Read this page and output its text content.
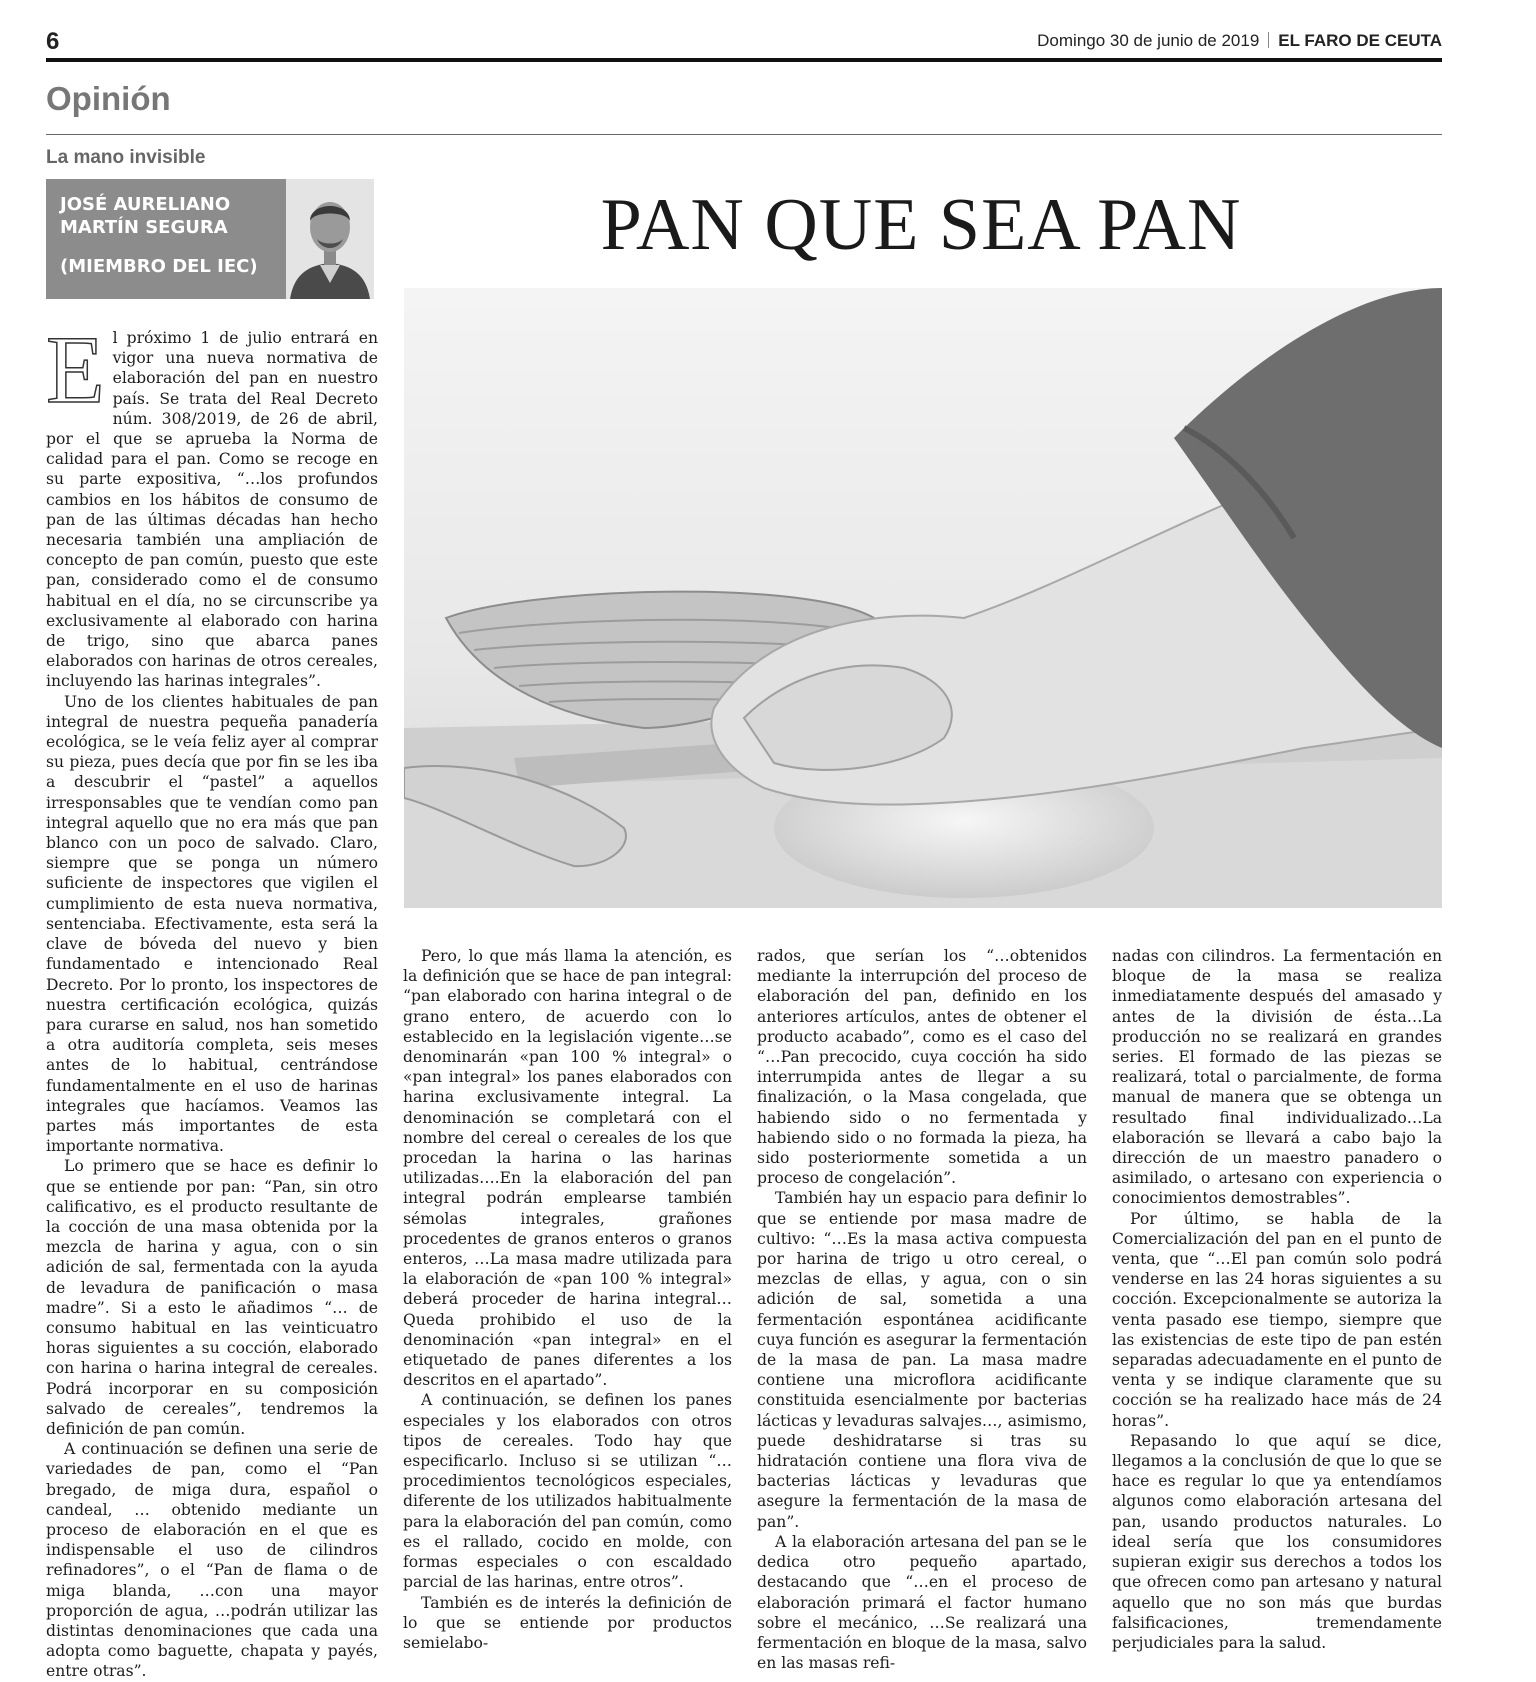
6	Domingo 30 de junio de 2019 EL FARO DE CEUTA
Opinión
La mano invisible
JOSÉ AURELIANO
MARTÍN SEGURA
(MIEMBRO DEL IEC)
PAN QUE SEA PAN
E l próximo 1 de julio entrará en vigor una nueva normativa de elaboración del pan en nuestro país. Se trata del Real Decreto núm. 308/2019, de 26 de abril, por el que se aprueba la Norma de calidad para el pan. Como se recoge en su parte expositiva, “…los profundos cambios en los hábitos de consumo de pan de las últimas décadas han hecho necesaria también una ampliación de concepto de pan común, puesto que este pan, considerado como el de consumo habitual en el día, no se circunscribe ya exclusivamente al elaborado con harina de trigo, sino que abarca panes elaborados con harinas de otros cereales, incluyendo las harinas integrales”.

Uno de los clientes habituales de pan integral de nuestra pequeña panadería ecológica, se le veía feliz ayer al comprar su pieza, pues decía que por fin se les iba a descubrir el “pastel” a aquellos irresponsables que te vendían como pan integral aquello que no era más que pan blanco con un poco de salvado. Claro, siempre que se ponga un número suficiente de inspectores que vigilen el cumplimiento de esta nueva normativa, sentenciaba. Efectivamente, esta será la clave de bóveda del nuevo y bien fundamentado e intencionado Real Decreto. Por lo pronto, los inspectores de nuestra certificación ecológica, quizás para curarse en salud, nos han sometido a otra auditoría completa, seis meses antes de lo habitual, centrándose fundamentalmente en el uso de harinas integrales que hacíamos. Veamos las partes más importantes de esta importante normativa.

Lo primero que se hace es definir lo que se entiende por pan: “Pan, sin otro calificativo, es el producto resultante de la cocción de una masa obtenida por la mezcla de harina y agua, con o sin adición de sal, fermentada con la ayuda de levadura de panificación o masa madre”. Si a esto le añadimos “… de consumo habitual en las veinticuatro horas siguientes a su cocción, elaborado con harina o harina integral de cereales. Podrá incorporar en su composición salvado de cereales”, tendremos la definición de pan común.

A continuación se definen una serie de variedades de pan, como el “Pan bregado, de miga dura, español o candeal, … obtenido mediante un proceso de elaboración en el que es indispensable el uso de cilindros refinadores”, o el “Pan de flama o de miga blanda, …con una mayor proporción de agua, …podrán utilizar las distintas denominaciones que cada una adopta como baguette, chapata y payés, entre otras”.

Pero, lo que más llama la atención, es la definición que se hace de pan integral: “pan elaborado con harina integral o de grano entero, de acuerdo con lo establecido en la legislación vigente…se denominarán «pan 100 % integral» o «pan integral» los panes elaborados con harina exclusivamente integral. La denominación se completará con el nombre del cereal o cereales de los que procedan la harina o las harinas utilizadas….En la elaboración del pan integral podrán emplearse también sémolas integrales, grañones procedentes de granos enteros o granos enteros, …La masa madre utilizada para la elaboración de «pan 100 % integral» deberá proceder de harina integral…Queda prohibido el uso de la denominación «pan integral» en el etiquetado de panes diferentes a los descritos en el apartado”.

A continuación, se definen los panes especiales y los elaborados con otros tipos de cereales. Todo hay que especificarlo. Incluso si se utilizan “…procedimientos tecnológicos especiales, diferente de los utilizados habitualmente para la elaboración del pan común, como es el rallado, cocido en molde, con formas especiales o con escaldado parcial de las harinas, entre otros”.

También es de interés la definición de lo que se entiende por productos semielabo-

rados, que serían los “…obtenidos mediante la interrupción del proceso de elaboración del pan, definido en los anteriores artículos, antes de obtener el producto acabado”, como es el caso del “…Pan precocido, cuya cocción ha sido interrumpida antes de llegar a su finalización, o la Masa congelada, que habiendo sido o no fermentada y habiendo sido o no formada la pieza, ha sido posteriormente sometida a un proceso de congelación”.

También hay un espacio para definir lo que se entiende por masa madre de cultivo: “…Es la masa activa compuesta por harina de trigo u otro cereal, o mezclas de ellas, y agua, con o sin adición de sal, sometida a una fermentación espontánea acidificante cuya función es asegurar la fermentación de la masa de pan. La masa madre contiene una microflora acidificante constituida esencialmente por bacterias lácticas y levaduras salvajes…, asimismo, puede deshidratarse si tras su hidratación contiene una flora viva de bacterias lácticas y levaduras que asegure la fermentación de la masa de pan”.

A la elaboración artesana del pan se le dedica otro pequeño apartado, destacando que “…en el proceso de elaboración primará el factor humano sobre el mecánico, …Se realizará una fermentación en bloque de la masa, salvo en las masas refi-

nadas con cilindros. La fermentación en bloque de la masa se realiza inmediatamente después del amasado y antes de la división de ésta…La producción no se realizará en grandes series. El formado de las piezas se realizará, total o parcialmente, de forma manual de manera que se obtenga un resultado final individualizado…La elaboración se llevará a cabo bajo la dirección de un maestro panadero o asimilado, o artesano con experiencia o conocimientos demostrables”.

Por último, se habla de la Comercialización del pan en el punto de venta, que “…El pan común solo podrá venderse en las 24 horas siguientes a su cocción. Excepcionalmente se autoriza la venta pasado ese tiempo, siempre que las existencias de este tipo de pan estén separadas adecuadamente en el punto de venta y se indique claramente que su cocción se ha realizado hace más de 24 horas”.

Repasando lo que aquí se dice, llegamos a la conclusión de que lo que se hace es regular lo que ya entendíamos algunos como elaboración artesana del pan, usando productos naturales. Lo ideal sería que los consumidores supieran exigir sus derechos a todos los que ofrecen como pan artesano y natural aquello que no son más que burdas falsificaciones, tremendamente perjudiciales para la salud.
